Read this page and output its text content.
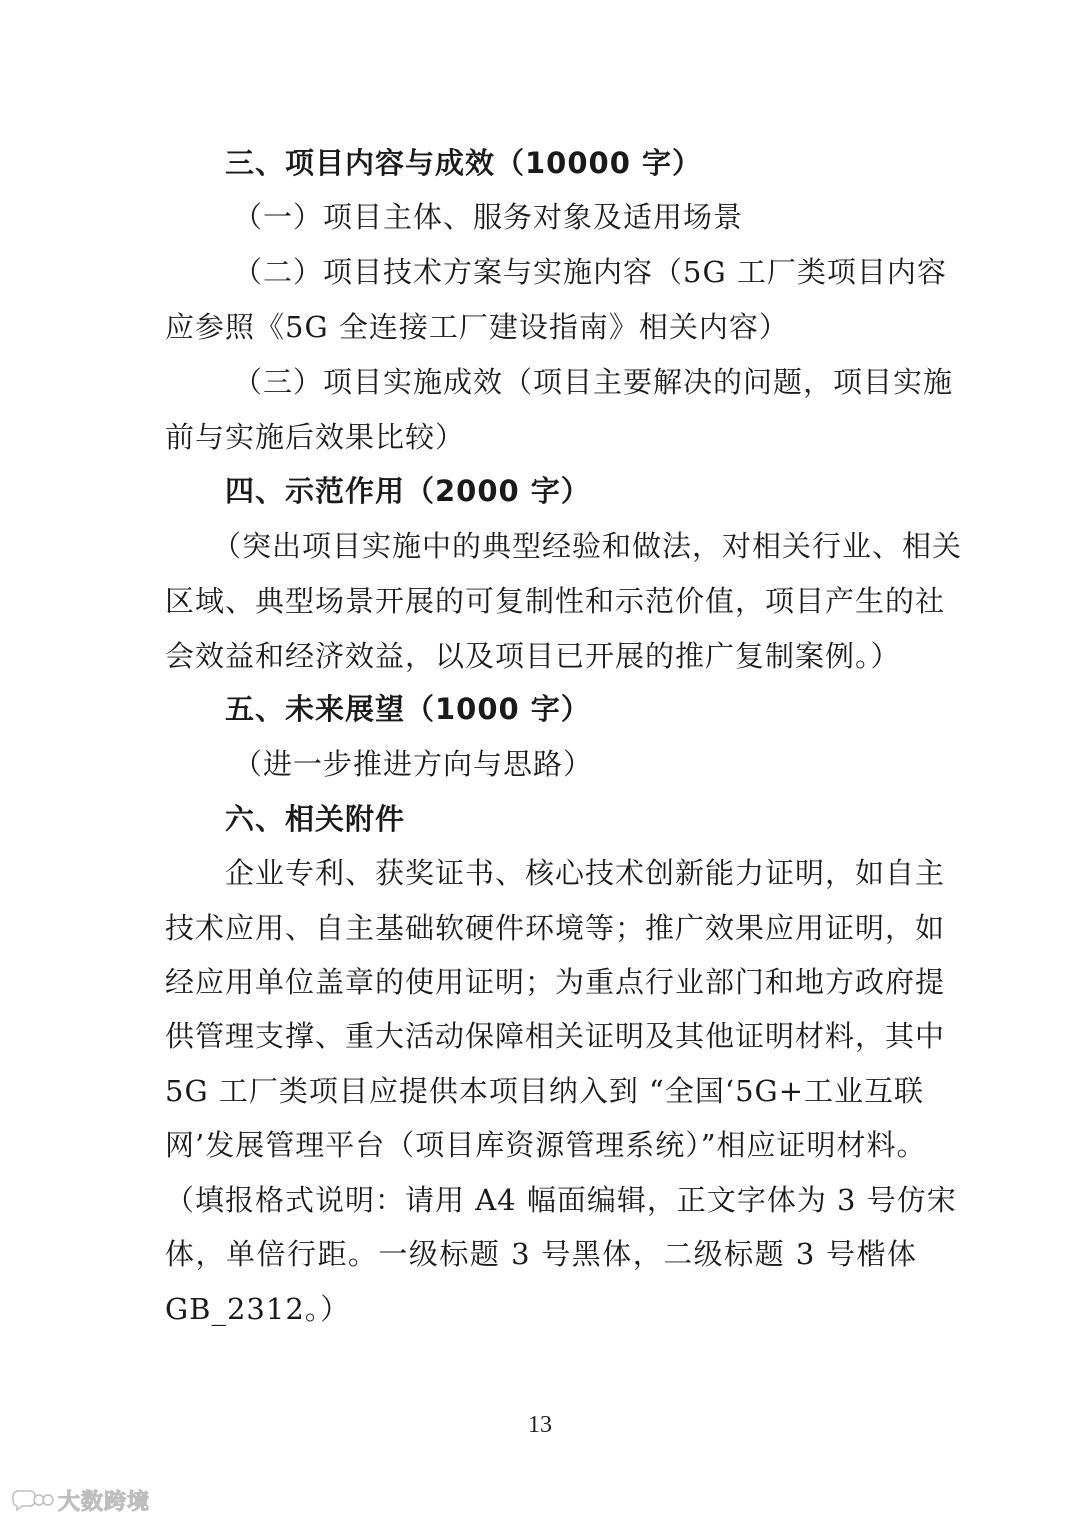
三、项目内容与成效（10000 字）
（一）项目主体、服务对象及适用场景
（二）项目技术方案与实施内容（5G 工厂类项目内容
应参照《5G 全连接工厂建设指南》相关内容）
（三）项目实施成效（项目主要解决的问题，项目实施
前与实施后效果比较）
四、示范作用（2000 字）
（突出项目实施中的典型经验和做法，对相关行业、相关
区域、典型场景开展的可复制性和示范价值，项目产生的社
会效益和经济效益，以及项目已开展的推广复制案例。）
五、未来展望（1000 字）
（进一步推进方向与思路）
六、相关附件
企业专利、获奖证书、核心技术创新能力证明，如自主
技术应用、自主基础软硬件环境等；推广效果应用证明，如
经应用单位盖章的使用证明；为重点行业部门和地方政府提
供管理支撑、重大活动保障相关证明及其他证明材料，其中
5G 工厂类项目应提供本项目纳入到 “全国‘5G+工业互联
网’发展管理平台（项目库资源管理系统）”相应证明材料。
（填报格式说明：请用 A4 幅面编辑，正文字体为 3 号仿宋
体，单倍行距。一级标题 3 号黑体，二级标题 3 号楷体
GB_2312。）
13
大数跨境
